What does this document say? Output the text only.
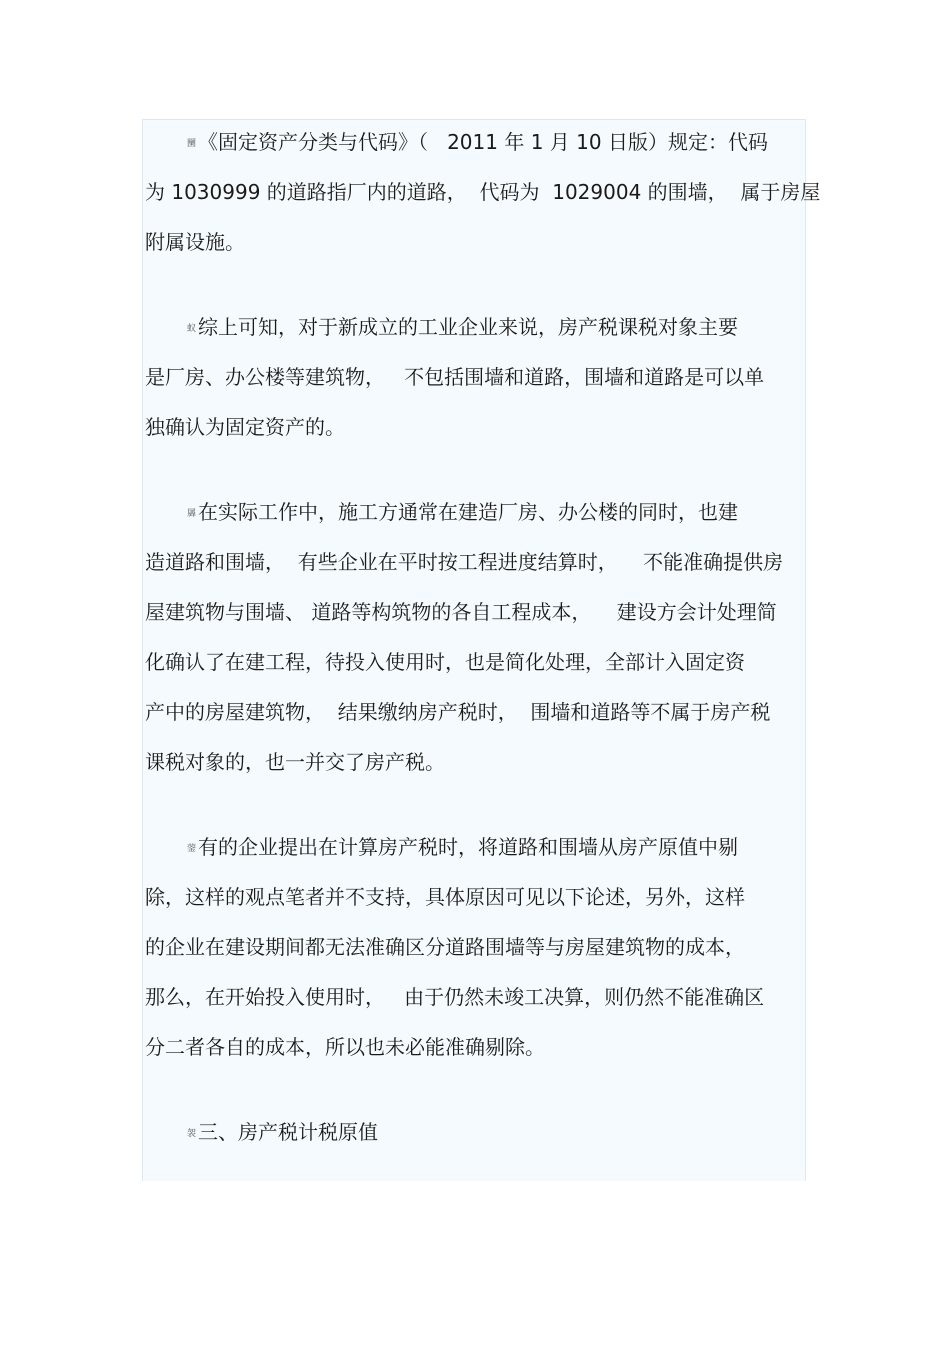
圞 《固定资产分类与代码》（   2011 年 1 月 10 日版）规定：代码
为 1030999 的道路指厂内的道路，  代码为  1029004 的围墙，  属于房屋
附属设施。
蚁 综上可知，对于新成立的工业企业来说，房产税课税对象主要
是厂房、办公楼等建筑物，   不包括围墙和道路，围墙和道路是可以单
独确认为固定资产的。
羼 在实际工作中，施工方通常在建造厂房、办公楼的同时，也建
造道路和围墙，  有些企业在平时按工程进度结算时，    不能准确提供房
屋建筑物与围墙、 道路等构筑物的各自工程成本，    建设方会计处理简
化确认了在建工程，待投入使用时，也是简化处理，全部计入固定资
产中的房屋建筑物，  结果缴纳房产税时，  围墙和道路等不属于房产税
课税对象的，也一并交了房产税。
蓥 有的企业提出在计算房产税时，将道路和围墙从房产原值中剔
除，这样的观点笔者并不支持，具体原因可见以下论述，另外，这样
的企业在建设期间都无法准确区分道路围墙等与房屋建筑物的成本，
那么，在开始投入使用时，   由于仍然未竣工决算，则仍然不能准确区
分二者各自的成本，所以也未必能准确剔除。
袈 三、房产税计税原值
